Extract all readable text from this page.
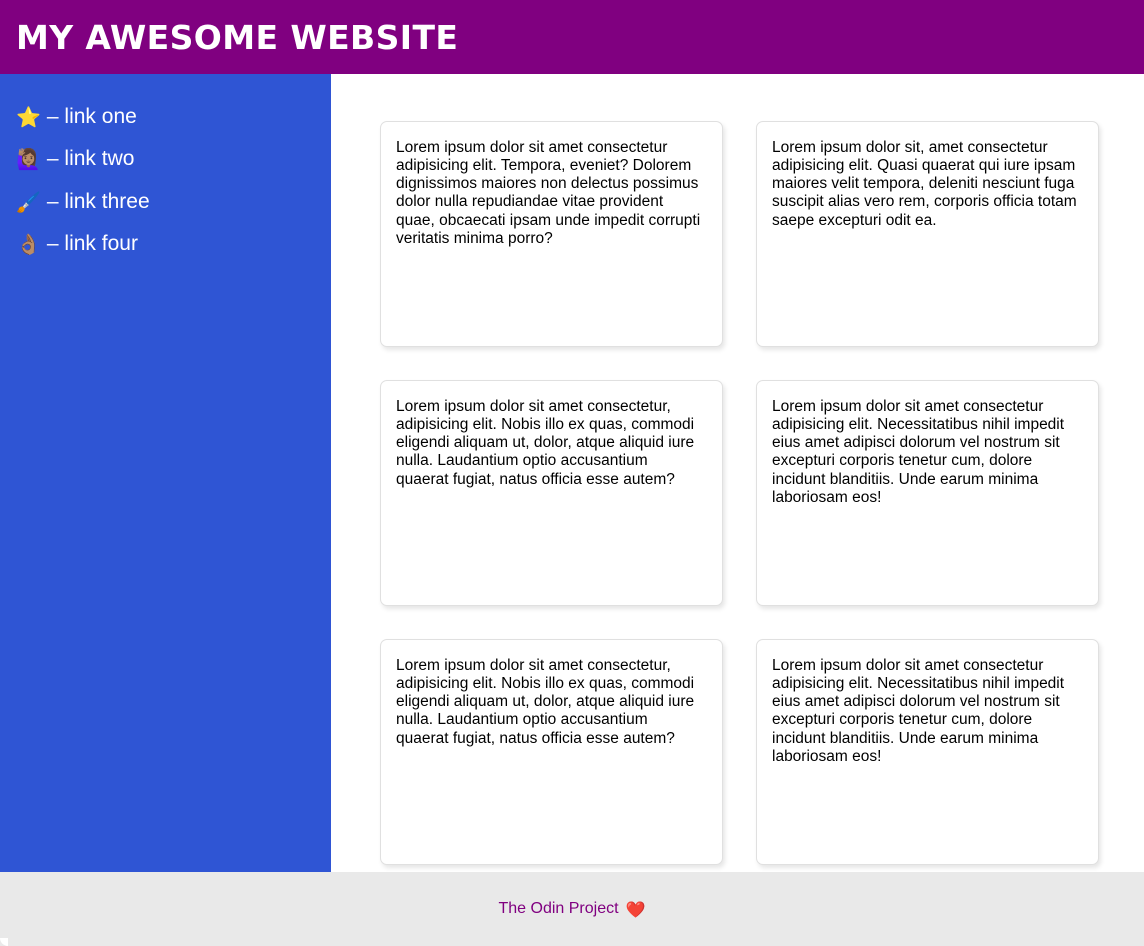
MY AWESOME WEBSITE
⭐ – link one
🙋🏽‍♀️ – link two
🖌️ – link three
👌🏽 – link four

Lorem ipsum dolor sit amet consectetur adipisicing elit. Tempora, eveniet? Dolorem dignissimos maiores non delectus possimus dolor nulla repudiandae vitae provident quae, obcaecati ipsam unde impedit corrupti veritatis minima porro?

Lorem ipsum dolor sit, amet consectetur adipisicing elit. Quasi quaerat qui iure ipsam maiores velit tempora, deleniti nesciunt fuga suscipit alias vero rem, corporis officia totam saepe excepturi odit ea.

Lorem ipsum dolor sit amet consectetur, adipisicing elit. Nobis illo ex quas, commodi eligendi aliquam ut, dolor, atque aliquid iure nulla. Laudantium optio accusantium quaerat fugiat, natus officia esse autem?

Lorem ipsum dolor sit amet consectetur adipisicing elit. Necessitatibus nihil impedit eius amet adipisci dolorum vel nostrum sit excepturi corporis tenetur cum, dolore incidunt blanditiis. Unde earum minima laboriosam eos!

Lorem ipsum dolor sit amet consectetur, adipisicing elit. Nobis illo ex quas, commodi eligendi aliquam ut, dolor, atque aliquid iure nulla. Laudantium optio accusantium quaerat fugiat, natus officia esse autem?

Lorem ipsum dolor sit amet consectetur adipisicing elit. Necessitatibus nihil impedit eius amet adipisci dolorum vel nostrum sit excepturi corporis tenetur cum, dolore incidunt blanditiis. Unde earum minima laboriosam eos!

The Odin Project ❤️
